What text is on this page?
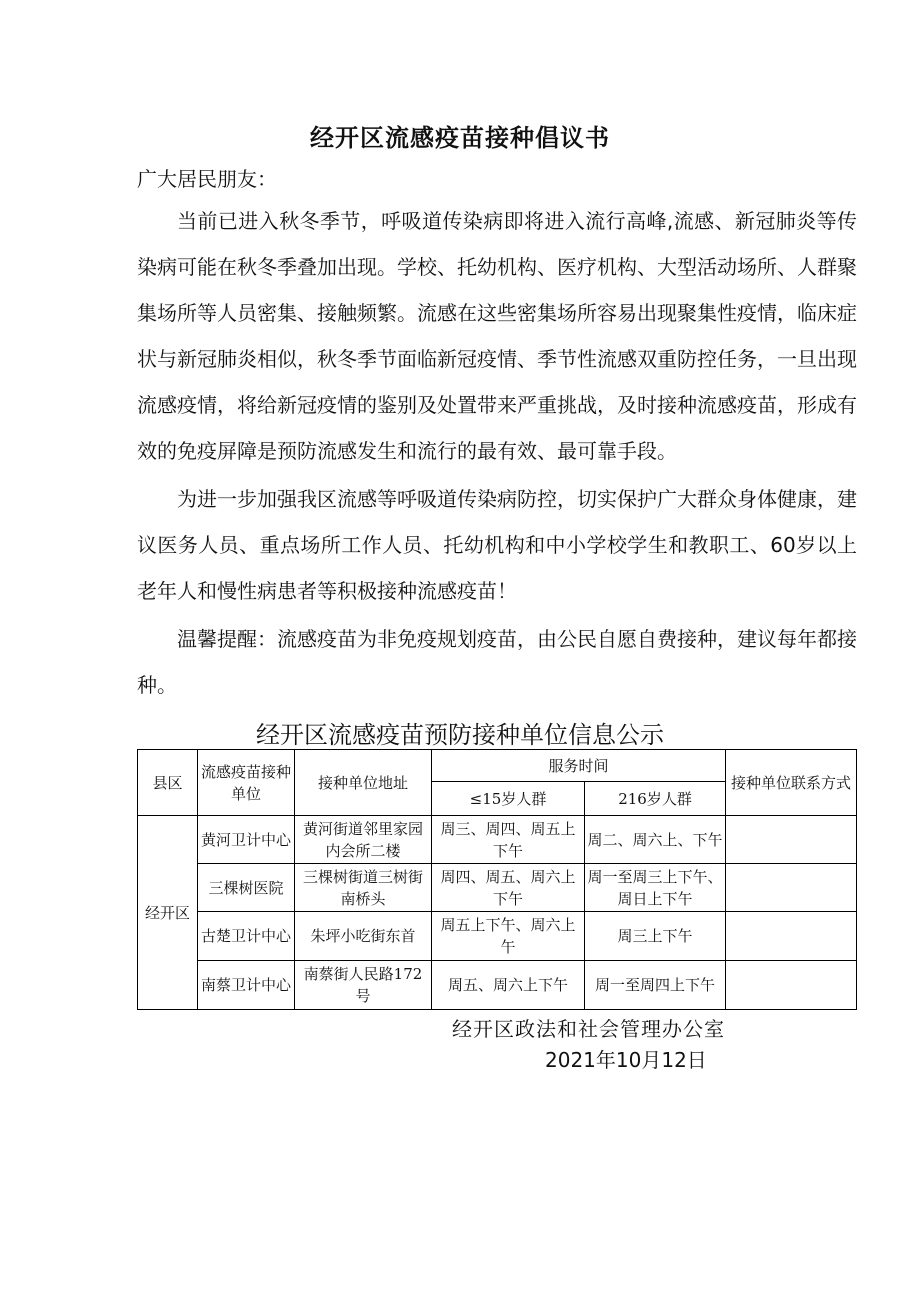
经开区流感疫苗接种倡议书
广大居民朋友：

当前已进入秋冬季节，呼吸道传染病即将进入流行高峰,流感、新冠肺炎等传染病可能在秋冬季叠加出现。学校、托幼机构、医疗机构、大型活动场所、人群聚集场所等人员密集、接触频繁。流感在这些密集场所容易出现聚集性疫情，临床症状与新冠肺炎相似，秋冬季节面临新冠疫情、季节性流感双重防控任务，一旦出现流感疫情，将给新冠疫情的鉴别及处置带来严重挑战，及时接种流感疫苗，形成有效的免疫屏障是预防流感发生和流行的最有效、最可靠手段。

为进一步加强我区流感等呼吸道传染病防控，切实保护广大群众身体健康，建议医务人员、重点场所工作人员、托幼机构和中小学校学生和教职工、60岁以上老年人和慢性病患者等积极接种流感疫苗！

温馨提醒：流感疫苗为非免疫规划疫苗，由公民自愿自费接种，建议每年都接种。

经开区流感疫苗预防接种单位信息公示
县区	流感疫苗接种单位	接种单位地址	服务时间		接种单位联系方式
			≤15岁人群	216岁人群	
经开区	黄河卫计中心	黄河街道邻里家园内会所二楼	周三、周四、周五上下午	周二、周六上、下午	
	三棵树医院	三棵树街道三树街南桥头	周四、周五、周六上下午	周一至周三上下午、周日上下午	
	古楚卫计中心	朱坪小吃街东首	周五上下午、周六上午	周三上下午	
	南蔡卫计中心	南蔡街人民路172号	周五、周六上下午	周一至周四上下午	
经开区政法和社会管理办公室
2021年10月12日
